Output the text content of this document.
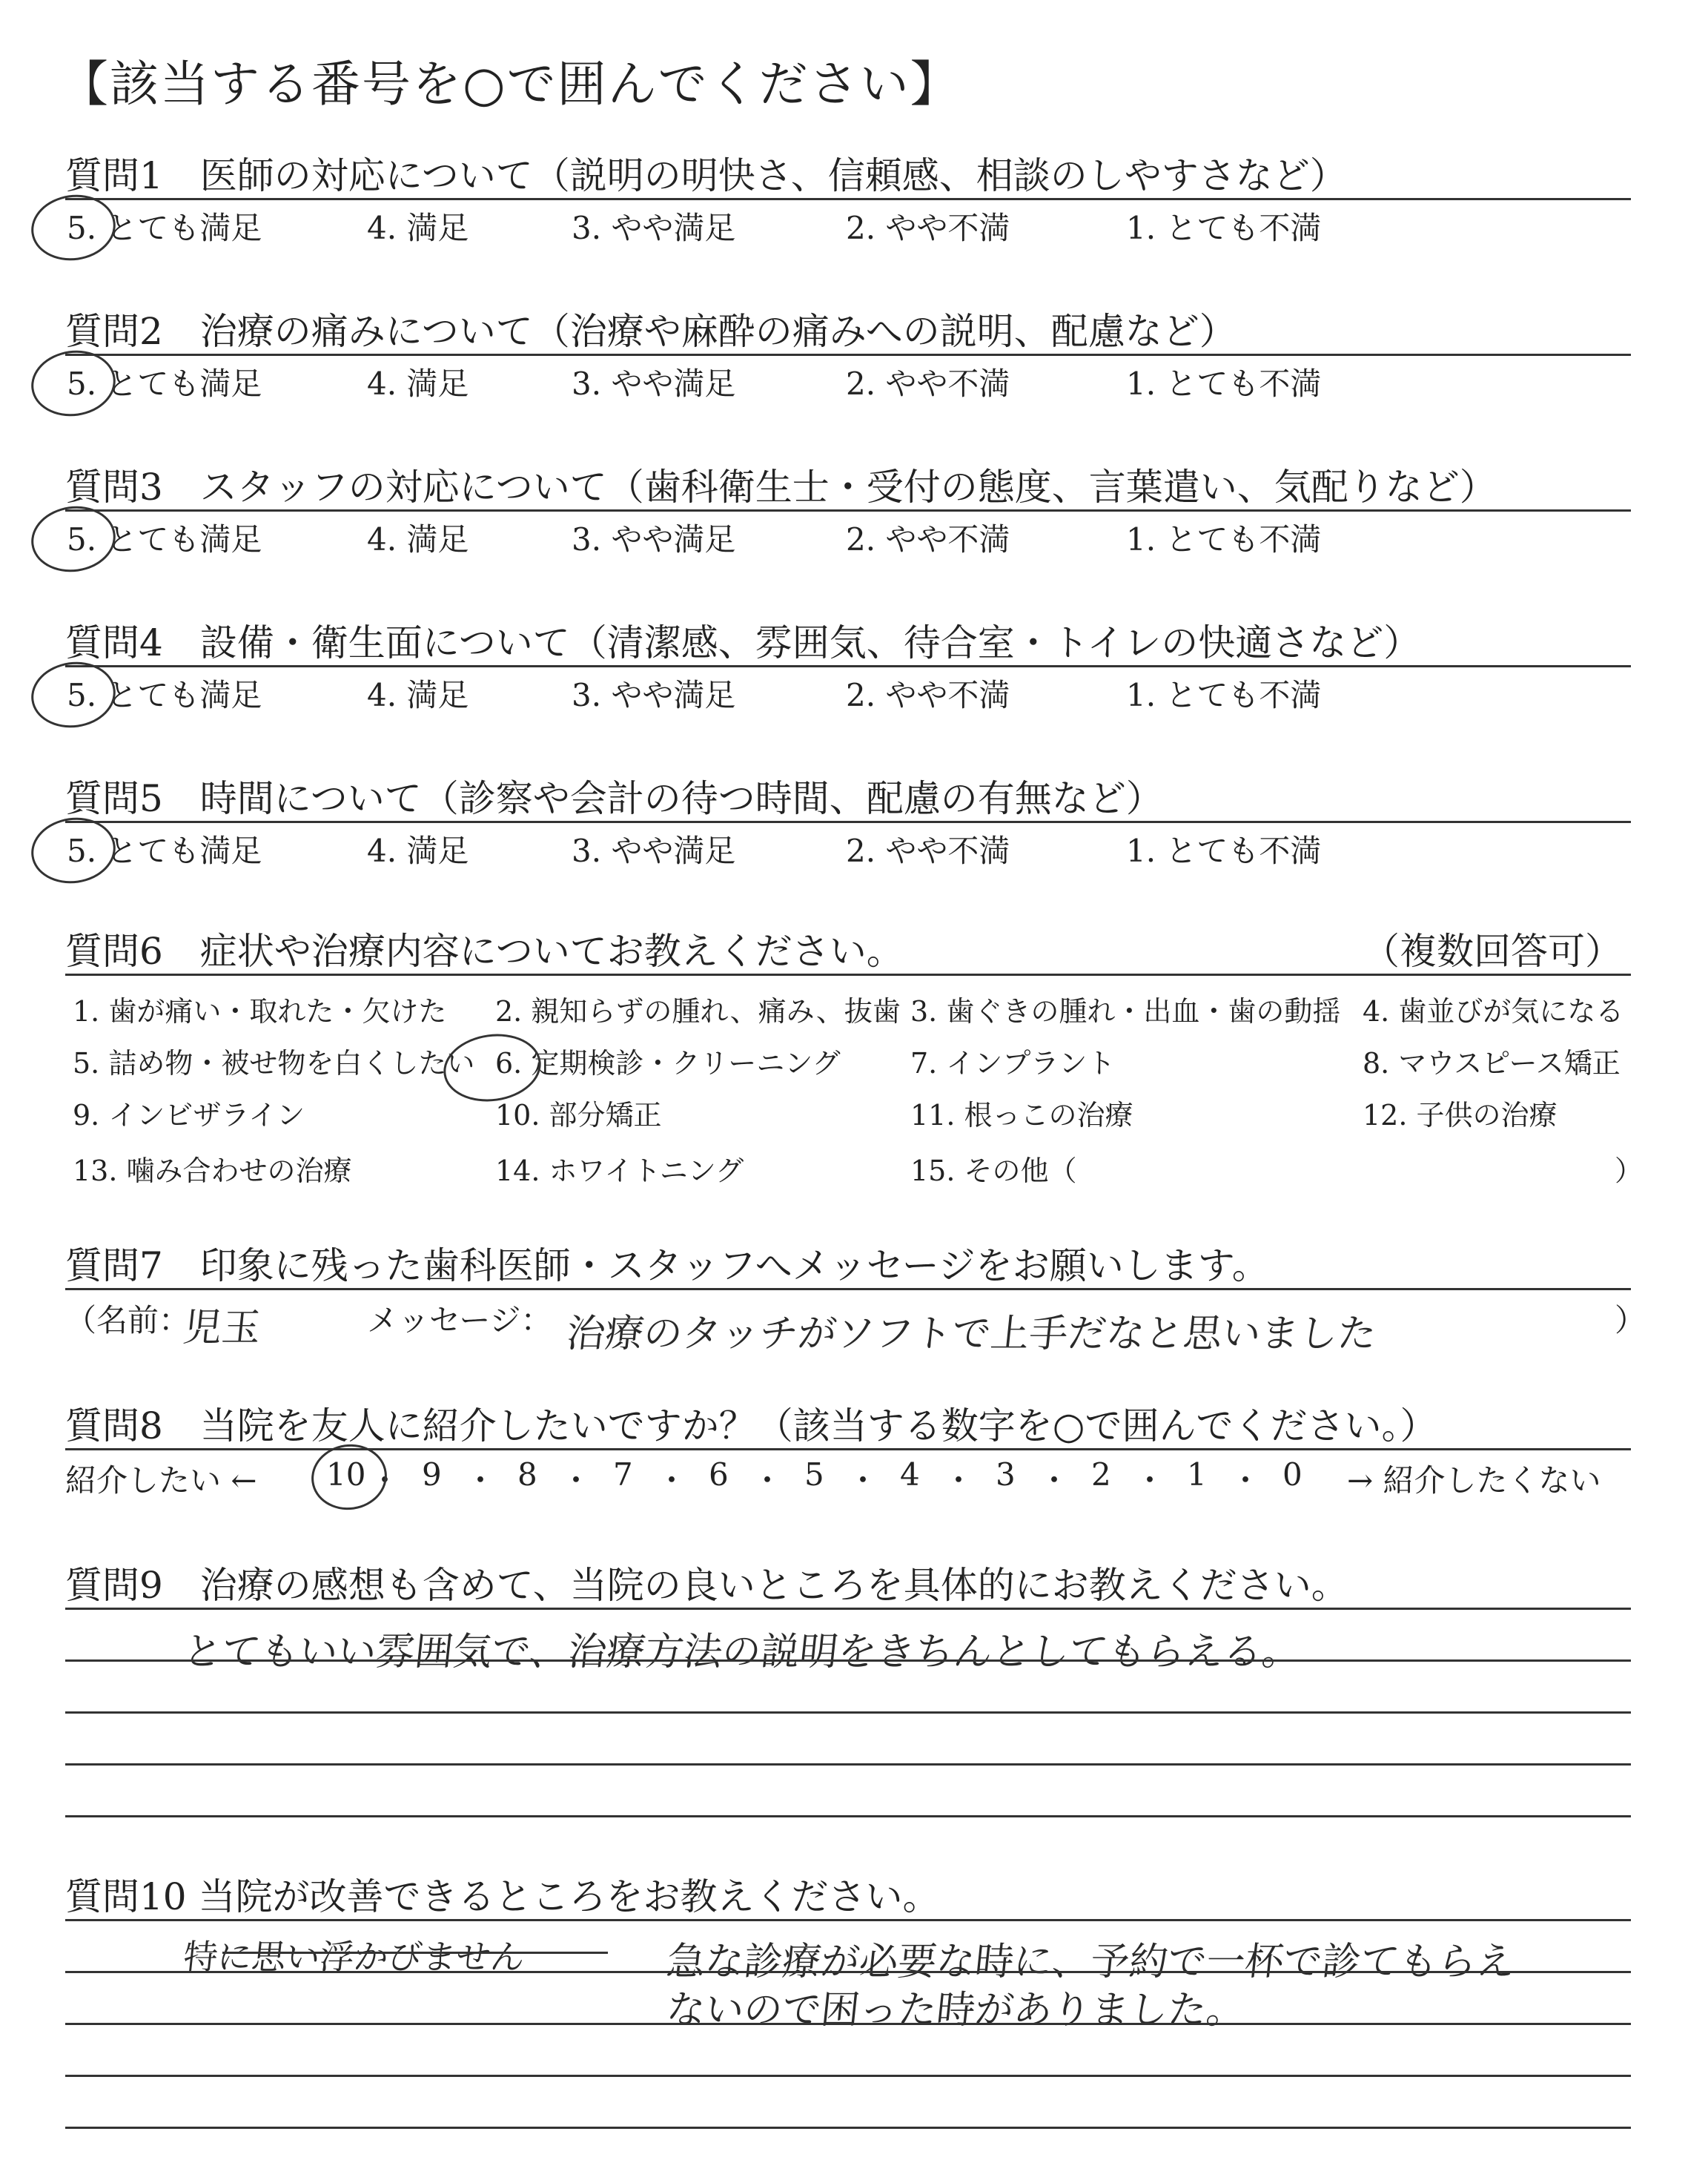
【該当する番号を○で囲んでください】
質問1　医師の対応について（説明の明快さ、信頼感、相談のしやすさなど）
5. とても満足	4. 満足	3. やや満足	2. やや不満	1. とても不満
質問2　治療の痛みについて（治療や麻酔の痛みへの説明、配慮など）
5. とても満足	4. 満足	3. やや満足	2. やや不満	1. とても不満
質問3　スタッフの対応について（歯科衛生士・受付の態度、言葉遣い、気配りなど）
5. とても満足	4. 満足	3. やや満足	2. やや不満	1. とても不満
質問4　設備・衛生面について（清潔感、雰囲気、待合室・トイレの快適さなど）
5. とても満足	4. 満足	3. やや満足	2. やや不満	1. とても不満
質問5　時間について（診察や会計の待つ時間、配慮の有無など）
5. とても満足	4. 満足	3. やや満足	2. やや不満	1. とても不満
質問6　症状や治療内容についてお教えください。	（複数回答可）
1. 歯が痛い・取れた・欠けた 2. 親知らずの腫れ、痛み、抜歯 3. 歯ぐきの腫れ・出血・歯の動揺 4. 歯並びが気になる
5. 詰め物・被せ物を白くしたい 6. 定期検診・クリーニング 7. インプラント	8. マウスピース矯正
9. インビザライン	10. 部分矯正	11. 根っこの治療	12. 子供の治療
13. 噛み合わせの治療	14. ホワイトニング	15. その他（	）
質問7　印象に残った歯科医師・スタッフへメッセージをお願いします。
（名前：
児玉	メッセージ： 治療のタッチがソフトで上手だなと思いました	）
質問8　当院を友人に紹介したいですか？（該当する数字を○で囲んでください。）
紹介したい ← 10 ・ 9 ・ 8 ・ 7 ・ 6 ・ 5 ・ 4 ・ 3 ・ 2 ・ 1 ・ 0 → 紹介したくない
質問9　治療の感想も含めて、当院の良いところを具体的にお教えください。
とてもいい雰囲気で、治療方法の説明をきちんとしてもらえる。
質問10 当院が改善できるところをお教えください。
特に思い浮かびません	急な診療が必要な時に、予約で一杯で診てもらえ
ないので困った時がありました。
